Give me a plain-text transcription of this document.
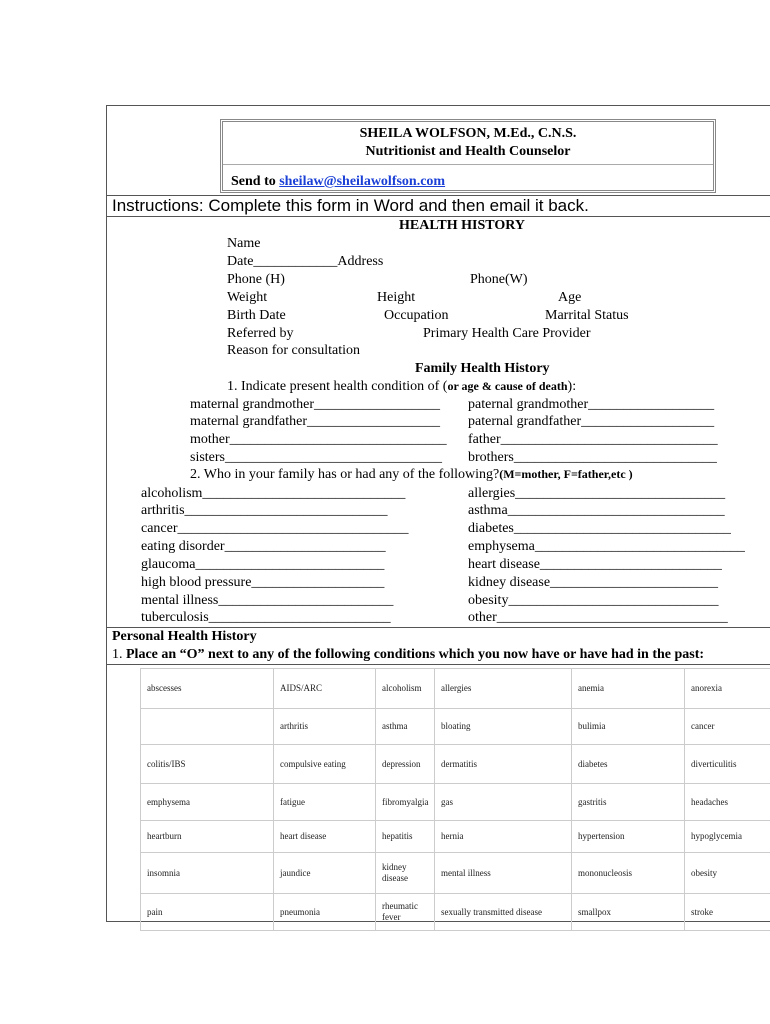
SHEILA WOLFSON, M.Ed., C.N.S.
Nutritionist and Health Counselor
Send to sheilaw@sheilawolfson.com
Instructions: Complete this form in Word and then email it back.
HEALTH HISTORY
Name
Date____________Address
Phone (H)	Phone(W)
Weight	Height	Age
Birth Date	Occupation	Marrital Status
Referred by	Primary Health Care Provider
Reason for consultation
Family Health History
1. Indicate present health condition of (or age & cause of death):
maternal grandmother__________________
maternal grandfather___________________
mother_______________________________
sisters_______________________________
paternal grandmother__________________
paternal grandfather___________________
father_______________________________
brothers_____________________________
2. Who in your family has or had any of the following?(M=mother, F=father,etc )
alcoholism_____________________________
arthritis_____________________________
cancer_________________________________
eating disorder_______________________
glaucoma___________________________
high blood pressure___________________
mental illness_________________________
tuberculosis__________________________
allergies______________________________
asthma_______________________________
diabetes_______________________________
emphysema______________________________
heart disease__________________________
kidney disease________________________
obesity______________________________
other_________________________________
Personal Health History
1. Place an “O” next to any of the following conditions which you now have or have had in the past:
abscesses	AIDS/ARC	alcoholism	allergies	anemia	anorexia
	arthritis	asthma	bloating	bulimia	cancer
colitis/IBS	compulsive eating	depression	dermatitis	diabetes	diverticulitis
emphysema	fatigue	fibromyalgia	gas	gastritis	headaches
heartburn	heart disease	hepatitis	hernia	hypertension	hypoglycemia
insomnia	jaundice	kidney disease	mental illness	mononucleosis	obesity
pain	pneumonia	rheumatic fever	sexually transmitted disease	smallpox	stroke
